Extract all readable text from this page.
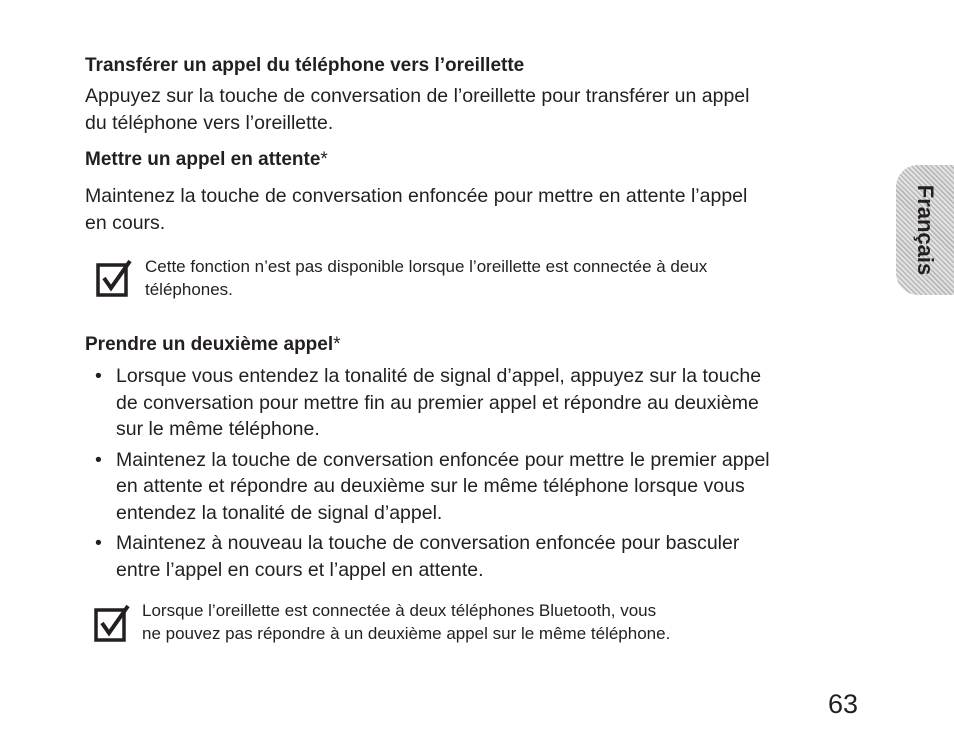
Transférer un appel du téléphone vers l’oreillette
Appuyez sur la touche de conversation de l’oreillette pour transférer un appel
du téléphone vers l’oreillette.
Mettre un appel en attente*
Maintenez la touche de conversation enfoncée pour mettre en attente l’appel
en cours.
Cette fonction n’est pas disponible lorsque l’oreillette est connectée à deux
téléphones.
Prendre un deuxième appel*
• Lorsque vous entendez la tonalité de signal d’appel, appuyez sur la touche
de conversation pour mettre fin au premier appel et répondre au deuxième
sur le même téléphone.
• Maintenez la touche de conversation enfoncée pour mettre le premier appel
en attente et répondre au deuxième sur le même téléphone lorsque vous
entendez la tonalité de signal d’appel.
• Maintenez à nouveau la touche de conversation enfoncée pour basculer
entre l’appel en cours et l’appel en attente.
Lorsque l’oreillette est connectée à deux téléphones Bluetooth, vous
ne pouvez pas répondre à un deuxième appel sur le même téléphone.
Français

63
